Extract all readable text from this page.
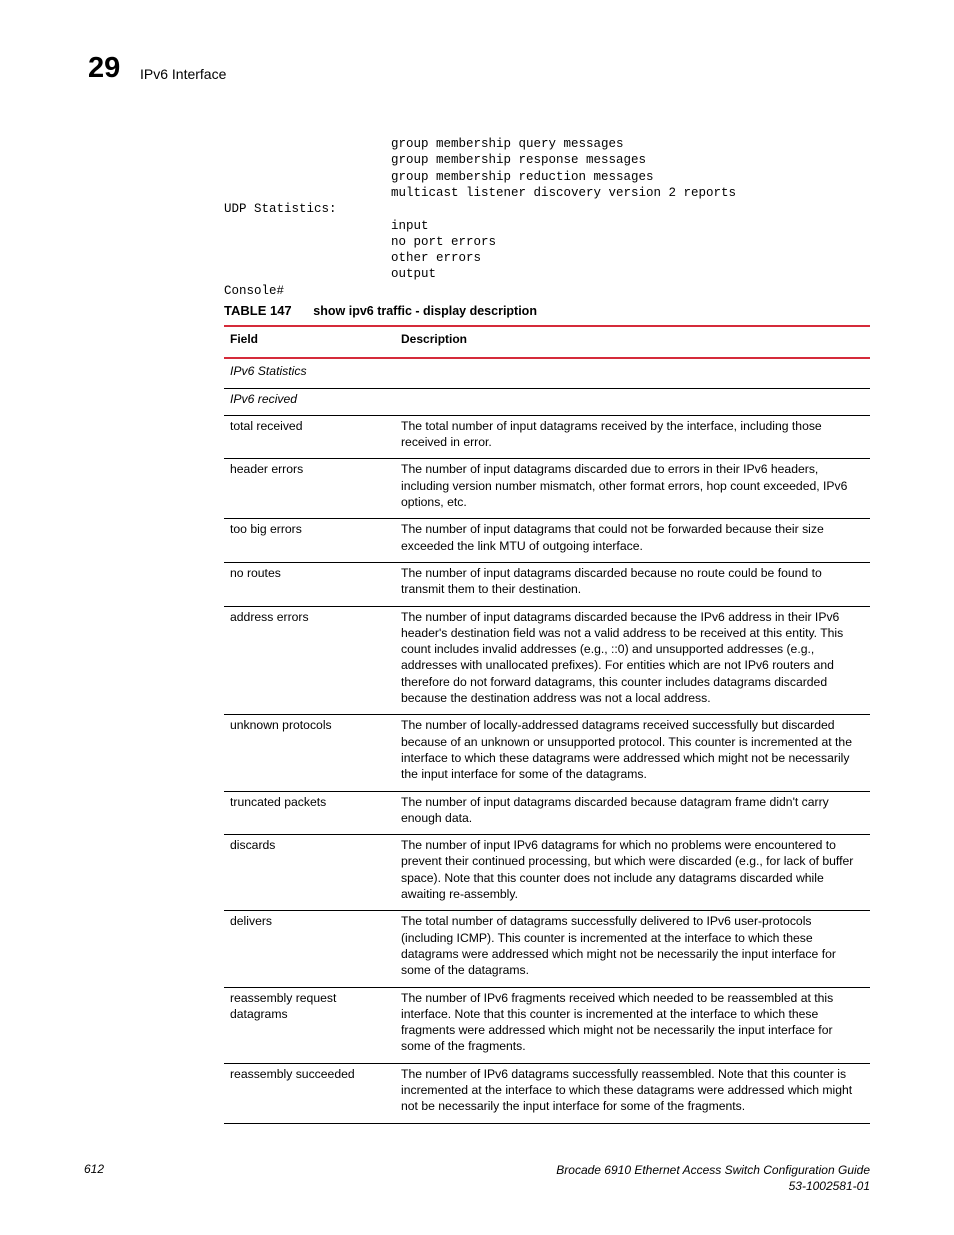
29 IPv6 Interface
group membership query messages
group membership response messages
group membership reduction messages
multicast listener discovery version 2 reports
UDP Statistics:
input
no port errors
other errors
output
Console#
TABLE 147 show ipv6 traffic - display description
Field	Description
IPv6 Statistics	
IPv6 recived	
total received	The total number of input datagrams received by the interface, including those received in error.
header errors	The number of input datagrams discarded due to errors in their IPv6 headers, including version number mismatch, other format errors, hop count exceeded, IPv6 options, etc.
too big errors	The number of input datagrams that could not be forwarded because their size exceeded the link MTU of outgoing interface.
no routes	The number of input datagrams discarded because no route could be found to transmit them to their destination.
address errors	The number of input datagrams discarded because the IPv6 address in their IPv6 header's destination field was not a valid address to be received at this entity. This count includes invalid addresses (e.g., ::0) and unsupported addresses (e.g., addresses with unallocated prefixes). For entities which are not IPv6 routers and therefore do not forward datagrams, this counter includes datagrams discarded because the destination address was not a local address.
unknown protocols	The number of locally-addressed datagrams received successfully but discarded because of an unknown or unsupported protocol. This counter is incremented at the interface to which these datagrams were addressed which might not be necessarily the input interface for some of the datagrams.
truncated packets	The number of input datagrams discarded because datagram frame didn't carry enough data.
discards	The number of input IPv6 datagrams for which no problems were encountered to prevent their continued processing, but which were discarded (e.g., for lack of buffer space). Note that this counter does not include any datagrams discarded while awaiting re-assembly.
delivers	The total number of datagrams successfully delivered to IPv6 user-protocols (including ICMP). This counter is incremented at the interface to which these datagrams were addressed which might not be necessarily the input interface for some of the datagrams.
reassembly request datagrams	The number of IPv6 fragments received which needed to be reassembled at this interface. Note that this counter is incremented at the interface to which these fragments were addressed which might not be necessarily the input interface for some of the fragments.
reassembly succeeded	The number of IPv6 datagrams successfully reassembled. Note that this counter is incremented at the interface to which these datagrams were addressed which might not be necessarily the input interface for some of the fragments.
612	Brocade 6910 Ethernet Access Switch Configuration Guide
53-1002581-01
